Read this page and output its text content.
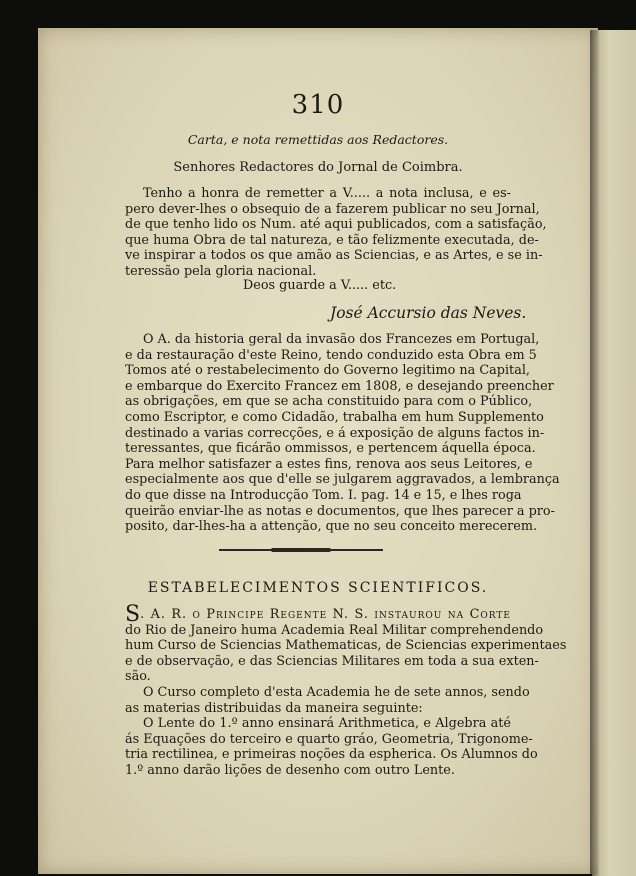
310
Carta, e nota remettidas aos Redactores.
Senhores Redactores do Jornal de Coimbra.
Tenho a honra de remetter a V..... a nota inclusa, e es-
pero dever-lhes o obsequio de a fazerem publicar no seu Jornal,
de que tenho lido os Num. até aqui publicados, com a satisfação,
que huma Obra de tal natureza, e tão felizmente executada, de-
ve inspirar a todos os que amão as Sciencias, e as Artes, e se in-
teressão pela gloria nacional.
Deos guarde a V..... etc.
José Accursio das Neves.
O A. da historia geral da invasão dos Francezes em Portugal,
e da restauração d'este Reino, tendo conduzido esta Obra em 5
Tomos até o restabelecimento do Governo legitimo na Capital,
e embarque do Exercito Francez em 1808, e desejando preencher
as obrigações, em que se acha constituido para com o Público,
como Escriptor, e como Cidadão, trabalha em hum Supplemento
destinado a varias correcções, e á exposição de alguns factos in-
teressantes, que ficárão ommissos, e pertencem áquella época.
Para melhor satisfazer a estes fins, renova aos seus Leitores, e
especialmente aos que d'elle se julgarem aggravados, a lembrança
do que disse na Introducção Tom. I. pag. 14 e 15, e lhes roga
queirão enviar-lhe as notas e documentos, que lhes parecer a pro-
posito, dar-lhes-ha a attenção, que no seu conceito merecerem.
ESTABELECIMENTOS SCIENTIFICOS.
S. A. R. o Principe Regente N. S. instaurou na Corte
do Rio de Janeiro huma Academia Real Militar comprehendendo
hum Curso de Sciencias Mathematicas, de Sciencias experimentaes
e de observação, e das Sciencias Militares em toda a sua exten-
são.
O Curso completo d'esta Academia he de sete annos, sendo
as materias distribuidas da maneira seguinte:
O Lente do 1.º anno ensinará Arithmetica, e Algebra até
ás Equações do terceiro e quarto gráo, Geometria, Trigonome-
tria rectilinea, e primeiras noções da espherica. Os Alumnos do
1.º anno darão lições de desenho com outro Lente.
